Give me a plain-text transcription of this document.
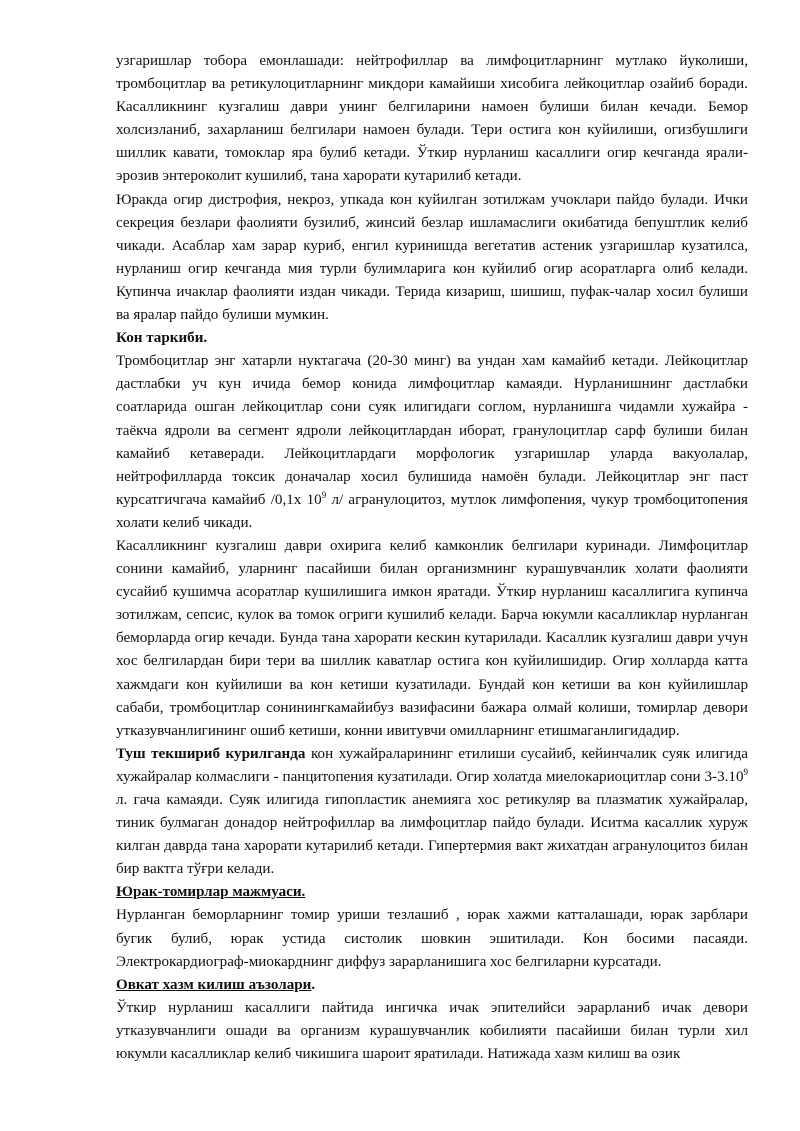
узгаришлар тобора емонлашади: нейтрофиллар ва лимфоцитларнинг мутлако йуколиши, тромбоцитлар ва ретикулоцитларнинг микдори камайиши хисобига лейкоцитлар озайиб боради. Касалликнинг кузгалиш даври унинг белгиларини намоен булиши билан кечади. Бемор холсизланиб, захарланиш белгилари намоен булади. Тери остига кон куйилиши, огизбушлиги шиллик кавати, томоклар яра булиб кетади. Ўткир нурланиш касаллиги огир кечганда ярали-эрозив энтероколит кушилиб, тана харорати кутарилиб кетади.

Юракда огир дистрофия, некроз, упкада кон куйилган зотилжам учоклари пайдо булади. Ички секреция безлари фаолияти бузилиб, жинсий безлар ишламаслиги окибатида бепуштлик келиб чикади. Асаблар хам зарар куриб, енгил куринишда вегетатив астеник узгаришлар кузатилса, нурланиш огир кечганда мия турли булимларига кон куйилиб огир асоратларга олиб келади. Купинча ичаклар фаолияти издан чикади. Терида кизариш, шишиш, пуфак-чалар хосил булиши ва яралар пайдо булиши мумкин.

Кон таркиби.

Тромбоцитлар энг хатарли нуктагача (20-30 минг) ва ундан хам камайиб кетади. Лейкоцитлар дастлабки уч кун ичида бемор конида лимфоцитлар камаяди. Нурланишнинг дастлабки соатларида ошган лейкоцитлар сони суяк илигидаги соглом, нурланишга чидамли хужайра - таёкча ядроли ва сегмент ядроли лейкоцитлардан иборат, гранулоцитлар сарф булиши билан камайиб кетаверади. Лейкоцитлардаги морфологик узгаришлар уларда вакуолалар, нейтрофилларда токсик доначалар хосил булишида намоён булади. Лейкоцитлар энг паст курсатгичгача камайиб /0,1х $10^9$ л/ агранулоцитоз, мутлок лимфопения, чукур тромбоцитопения холати келиб чикади.

Касалликнинг кузгалиш даври охирига келиб камконлик белгилари куринади. Лимфоцитлар сонини камайиб, уларнинг пасайиши билан организмнинг курашувчанлик холати фаолияти сусайиб кушимча асоратлар кушилишига имкон яратади. Ўткир нурланиш касаллигига купинча зотилжам, сепсис, кулок ва томок огриги кушилиб келади. Барча юкумли касалликлар нурланган беморларда огир кечади. Бунда тана харорати кескин кутарилади. Касаллик кузгалиш даври учун хос белгилардан бири тери ва шиллик каватлар остига кон куйилишидир. Огир холларда катта хажмдаги кон куйилиши ва кон кетиши кузатилади. Бундай кон кетиши ва кон куйилишлар сабаби, тромбоцитлар сонинингкамайибуз вазифасини бажара олмай колиши, томирлар девори утказувчанлигининг ошиб кетиши, конни ивитувчи омилларнинг етишмаганлигидадир.

Туш текшириб курилганда кон хужайраларининг етилиши сусайиб, кейинчалик суяк илигида хужайралар колмаслиги - панцитопения кузатилади. Огир холатда миелокариоцитлар сони 3-3.10$^9$ л. гача камаяди. Суяк илигида гипопластик анемияга хос ретикуляр ва плазматик хужайралар, тиник булмаган донадор нейтрофиллар ва лимфоцитлар пайдо булади. Иситма касаллик хуруж килган даврда тана харорати кутарилиб кетади. Гипертермия вакт жихатдан агранулоцитоз билан бир вактга тўғри келади.

Юрак-томирлар мажмуаси.

Нурланган беморларнинг томир уриши тезлашиб , юрак хажми катталашади, юрак зарблари бугик булиб, юрак устида систолик шовкин эшитилади. Кон босими пасаяди. Электрокардиограф-миокарднинг диффуз зарарланишига хос белгиларни курсатади.

Овкат хазм килиш аъзолари.

Ўткир нурланиш касаллиги пайтида ингичка ичак эпителийси эарарланиб ичак девори утказувчанлиги ошади ва организм курашувчанлик кобилияти пасайиши билан турли хил юкумли касалликлар келиб чикишига шароит яратилади. Натижада хазм килиш ва озик
